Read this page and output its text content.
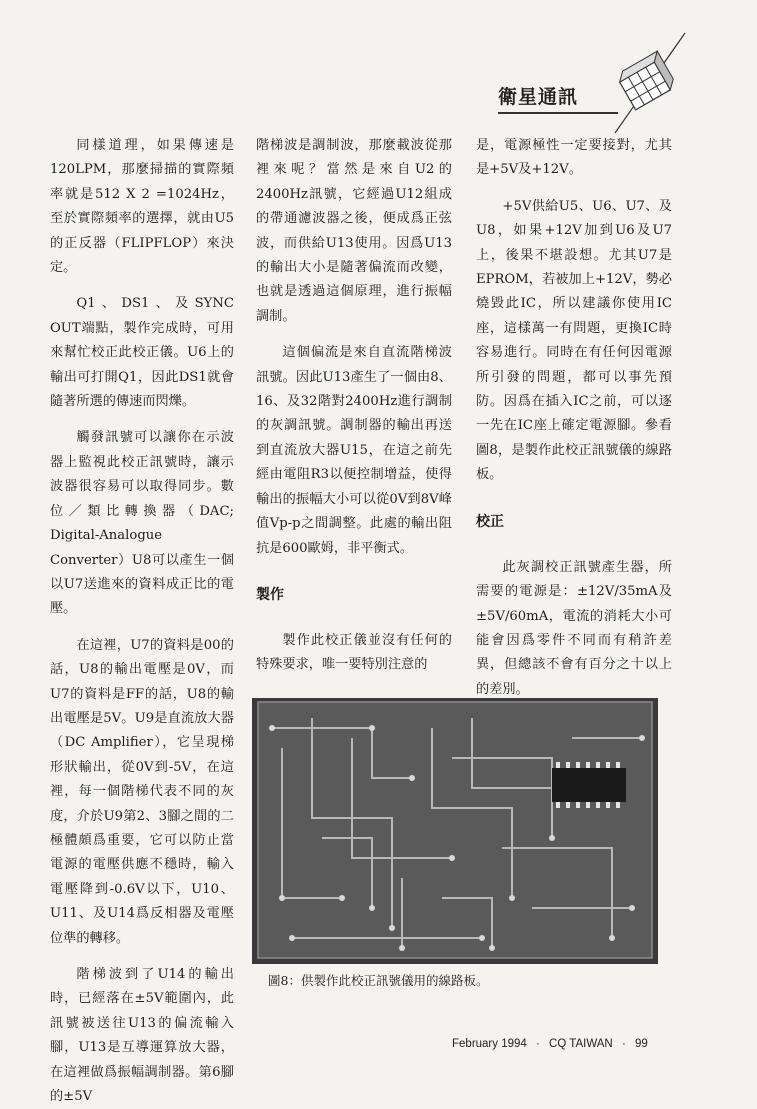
衛星通訊

同樣道理，如果傳速是120LPM，那麼掃描的實際頻率就是512 X 2 =1024Hz，至於實際頻率的選擇，就由U5的正反器（FLIPFLOP）來決定。

Q1、DS1、及SYNC OUT端點，製作完成時，可用來幫忙校正此校正儀。U6上的輸出可打開Q1，因此DS1就會隨著所選的傳速而閃爍。

觸發訊號可以讓你在示波器上監視此校正訊號時，讓示波器很容易可以取得同步。數位／類比轉換器（DAC; Digital-Analogue Converter）U8可以產生一個以U7送進來的資料成正比的電壓。

在這裡，U7的資料是00的話，U8的輸出電壓是0V，而U7的資料是FF的話，U8的輸出電壓是5V。U9是直流放大器（DC Amplifier），它呈現梯形狀輸出，從0V到-5V，在這裡，每一個階梯代表不同的灰度，介於U9第2、3腳之間的二極體頗爲重要，它可以防止當電源的電壓供應不穩時，輸入電壓降到-0.6V以下，U10、U11、及U14爲反相器及電壓位準的轉移。

階梯波到了U14的輸出時，已經落在±5V範圍內，此訊號被送往U13的偏流輸入腳，U13是互導運算放大器，在這裡做爲振幅調制器。第6腳的±5V

階梯波是調制波，那麼載波從那裡來呢？當然是來自U2的2400Hz訊號，它經過U12組成的帶通濾波器之後，便成爲正弦波，而供給U13使用。因爲U13的輸出大小是隨著偏流而改變，也就是透過這個原理，進行振幅調制。

這個偏流是來自直流階梯波訊號。因此U13產生了一個由8、16、及32階對2400Hz進行調制的灰調訊號。調制器的輸出再送到直流放大器U15，在這之前先經由電阻R3以便控制增益，使得輸出的振幅大小可以從0V到8V峰值Vp-p之間調整。此處的輸出阻抗是600歐姆，非平衡式。

製作

製作此校正儀並沒有任何的特殊要求，唯一要特別注意的

是，電源極性一定要接對，尤其是+5V及+12V。

+5V供給U5、U6、U7、及U8，如果+12V加到U6及U7上，後果不堪設想。尤其U7是EPROM，若被加上+12V，勢必燒毀此IC，所以建議你使用IC座，這樣萬一有問題，更換IC時容易進行。同時在有任何因電源所引發的問題，都可以事先預防。因爲在插入IC之前，可以逐一先在IC座上確定電源腳。參看圖8，是製作此校正訊號儀的線路板。

校正

此灰調校正訊號產生器，所需要的電源是：±12V/35mA及±5V/60mA，電流的消耗大小可能會因爲零件不同而有稍許差異，但總該不會有百分之十以上的差別。

圖8：供製作此校正訊號儀用的線路板。
February 1994 · CQ TAIWAN · 99
